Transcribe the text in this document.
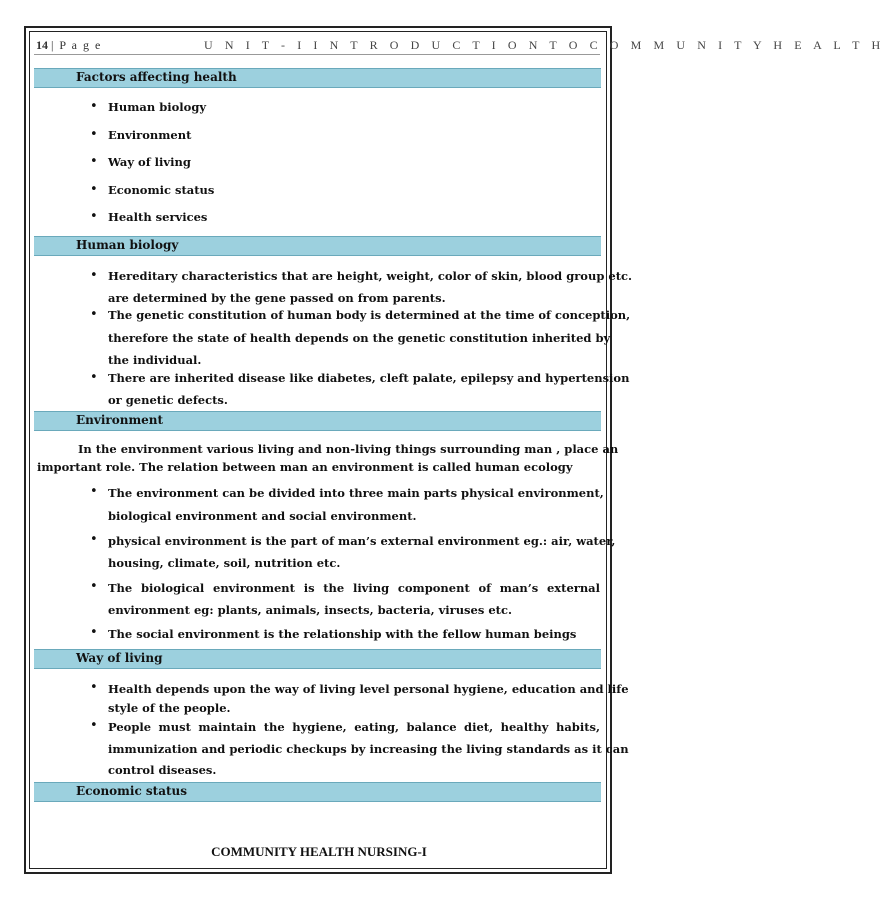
14 | P a g e	U N I T - I I N T R O D U C T I O N T O C O M M U N I T Y H E A L T H
Factors affecting health
• Human biology
• Environment
• Way of living
• Economic status
• Health services
Human biology
• Hereditary characteristics that are height, weight, color of skin, blood group etc.
are determined by the gene passed on from parents.
• The genetic constitution of human body is determined at the time of conception,
therefore the state of health depends on the genetic constitution inherited by
the individual.
• There are inherited disease like diabetes, cleft palate, epilepsy and hypertension
or genetic defects.
Environment
In the environment various living and non-living things surrounding man , place an
important role. The relation between man an environment is called human ecology
• The environment can be divided into three main parts physical environment,
biological environment and social environment.
• physical environment is the part of man’s external environment eg.: air, water,
housing, climate, soil, nutrition etc.
• The biological environment is the living component of man’s external
environment eg: plants, animals, insects, bacteria, viruses etc.
• The social environment is the relationship with the fellow human beings
Way of living
• Health depends upon the way of living level personal hygiene, education and life
style of the people.
• People must maintain the hygiene, eating, balance diet, healthy habits,
immunization and periodic checkups by increasing the living standards as it can
control diseases.
Economic status
COMMUNITY HEALTH NURSING-I
